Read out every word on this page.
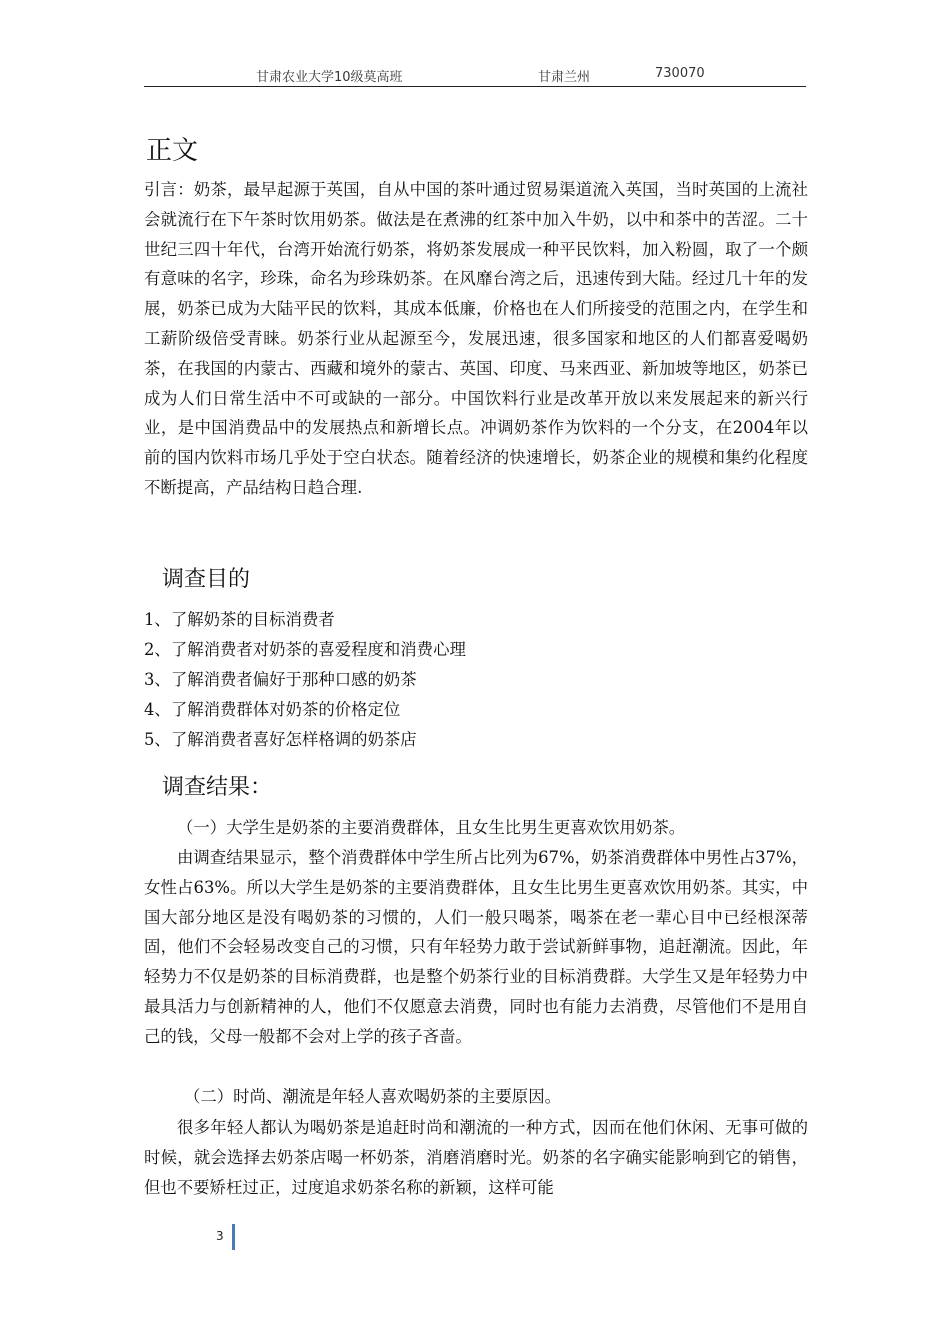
甘肃农业大学10级莫高班	甘肃兰州	730070
正文

引言：奶茶，最早起源于英国，自从中国的茶叶通过贸易渠道流入英国，当时英国的上流社会就流行在下午茶时饮用奶茶。做法是在煮沸的红茶中加入牛奶，以中和茶中的苦涩。二十世纪三四十年代，台湾开始流行奶茶，将奶茶发展成一种平民饮料，加入粉圆，取了一个颇有意味的名字，珍珠，命名为珍珠奶茶。在风靡台湾之后，迅速传到大陆。经过几十年的发展，奶茶已成为大陆平民的饮料，其成本低廉，价格也在人们所接受的范围之内，在学生和工薪阶级倍受青睐。奶茶行业从起源至今，发展迅速，很多国家和地区的人们都喜爱喝奶茶，在我国的内蒙古、西藏和境外的蒙古、英国、印度、马来西亚、新加坡等地区，奶茶已成为人们日常生活中不可或缺的一部分。中国饮料行业是改革开放以来发展起来的新兴行业，是中国消费品中的发展热点和新增长点。冲调奶茶作为饮料的一个分支，在2004年以前的国内饮料市场几乎处于空白状态。随着经济的快速增长，奶茶企业的规模和集约化程度不断提高，产品结构日趋合理.

调查目的
1、了解奶茶的目标消费者
2、了解消费者对奶茶的喜爱程度和消费心理
3、了解消费者偏好于那种口感的奶茶
4、了解消费群体对奶茶的价格定位
5、了解消费者喜好怎样格调的奶茶店
调查结果：

（一）大学生是奶茶的主要消费群体，且女生比男生更喜欢饮用奶茶。

由调查结果显示，整个消费群体中学生所占比列为67%，奶茶消费群体中男性占37%，女性占63%。所以大学生是奶茶的主要消费群体，且女生比男生更喜欢饮用奶茶。其实，中国大部分地区是没有喝奶茶的习惯的，人们一般只喝茶，喝茶在老一辈心目中已经根深蒂固，他们不会轻易改变自己的习惯，只有年轻势力敢于尝试新鲜事物，追赶潮流。因此，年轻势力不仅是奶茶的目标消费群，也是整个奶茶行业的目标消费群。大学生又是年轻势力中最具活力与创新精神的人，他们不仅愿意去消费，同时也有能力去消费，尽管他们不是用自己的钱，父母一般都不会对上学的孩子吝啬。

（二）时尚、潮流是年轻人喜欢喝奶茶的主要原因。

很多年轻人都认为喝奶茶是追赶时尚和潮流的一种方式，因而在他们休闲、无事可做的时候，就会选择去奶茶店喝一杯奶茶，消磨消磨时光。奶茶的名字确实能影响到它的销售，但也不要矫枉过正，过度追求奶茶名称的新颖，这样可能

3
